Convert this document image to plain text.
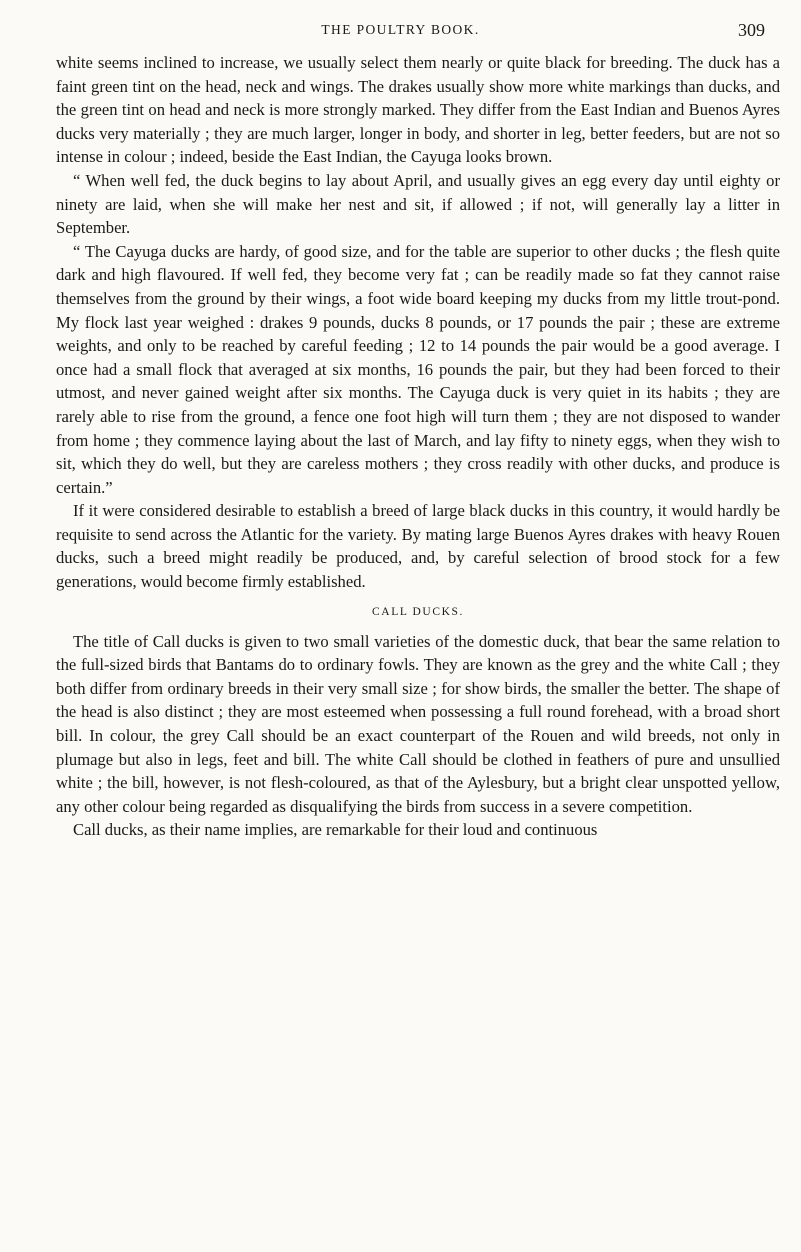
THE POULTRY BOOK.	309

white seems inclined to increase, we usually select them nearly or quite black for breeding. The duck has a faint green tint on the head, neck and wings. The drakes usually show more white markings than ducks, and the green tint on head and neck is more strongly marked. They differ from the East Indian and Buenos Ayres ducks very materially ; they are much larger, longer in body, and shorter in leg, better feeders, but are not so intense in colour ; indeed, beside the East Indian, the Cayuga looks brown.

“ When well fed, the duck begins to lay about April, and usually gives an egg every day until eighty or ninety are laid, when she will make her nest and sit, if allowed ; if not, will generally lay a litter in September.

“ The Cayuga ducks are hardy, of good size, and for the table are superior to other ducks ; the flesh quite dark and high flavoured. If well fed, they become very fat ; can be readily made so fat they cannot raise themselves from the ground by their wings, a foot wide board keeping my ducks from my little trout-pond. My flock last year weighed : drakes 9 pounds, ducks 8 pounds, or 17 pounds the pair ; these are extreme weights, and only to be reached by careful feeding ; 12 to 14 pounds the pair would be a good average. I once had a small flock that averaged at six months, 16 pounds the pair, but they had been forced to their utmost, and never gained weight after six months. The Cayuga duck is very quiet in its habits ; they are rarely able to rise from the ground, a fence one foot high will turn them ; they are not disposed to wander from home ; they commence laying about the last of March, and lay fifty to ninety eggs, when they wish to sit, which they do well, but they are careless mothers ; they cross readily with other ducks, and produce is certain.”

If it were considered desirable to establish a breed of large black ducks in this country, it would hardly be requisite to send across the Atlantic for the variety. By mating large Buenos Ayres drakes with heavy Rouen ducks, such a breed might readily be produced, and, by careful selection of brood stock for a few generations, would become firmly established.

CALL DUCKS.

The title of Call ducks is given to two small varieties of the domestic duck, that bear the same relation to the full-sized birds that Bantams do to ordinary fowls. They are known as the grey and the white Call ; they both differ from ordinary breeds in their very small size ; for show birds, the smaller the better. The shape of the head is also distinct ; they are most esteemed when possessing a full round forehead, with a broad short bill. In colour, the grey Call should be an exact counterpart of the Rouen and wild breeds, not only in plumage but also in legs, feet and bill. The white Call should be clothed in feathers of pure and unsullied white ; the bill, however, is not flesh-coloured, as that of the Aylesbury, but a bright clear unspotted yellow, any other colour being regarded as disqualifying the birds from success in a severe competition.

Call ducks, as their name implies, are remarkable for their loud and continuous
